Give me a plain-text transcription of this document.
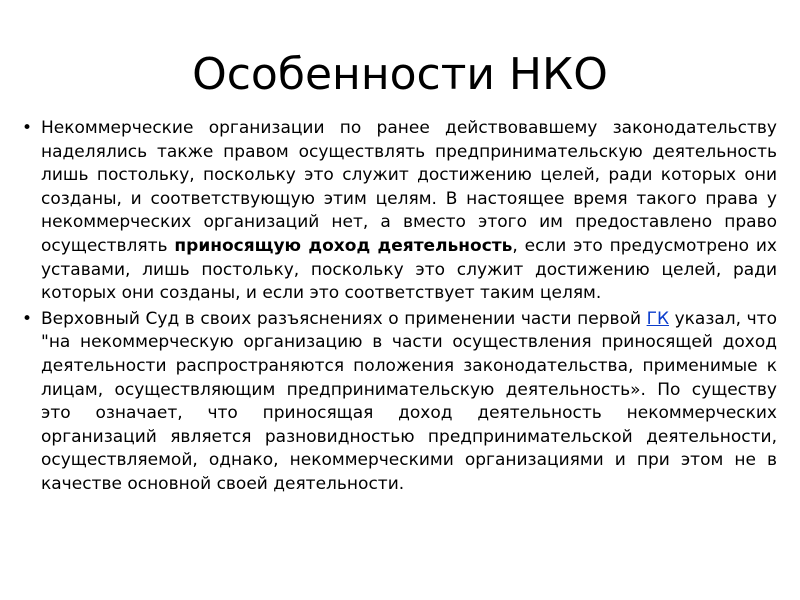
Особенности НКО
• Некоммерческие организации по ранее действовавшему законодательству наделялись также правом осуществлять предпринимательскую деятельность лишь постольку, поскольку это служит достижению целей, ради которых они созданы, и соответствующую этим целям. В настоящее время такого права у некоммерческих организаций нет, а вместо этого им предоставлено право осуществлять приносящую доход деятельность, если это предусмотрено их уставами, лишь постольку, поскольку это служит достижению целей, ради которых они созданы, и если это соответствует таким целям.
• Верховный Суд в своих разъяснениях о применении части первой ГК указал, что "на некоммерческую организацию в части осуществления приносящей доход деятельности распространяются положения законодательства, применимые к лицам, осуществляющим предпринимательскую деятельность». По существу это означает, что приносящая доход деятельность некоммерческих организаций является разновидностью предпринимательской деятельности, осуществляемой, однако, некоммерческими организациями и при этом не в качестве основной своей деятельности.
